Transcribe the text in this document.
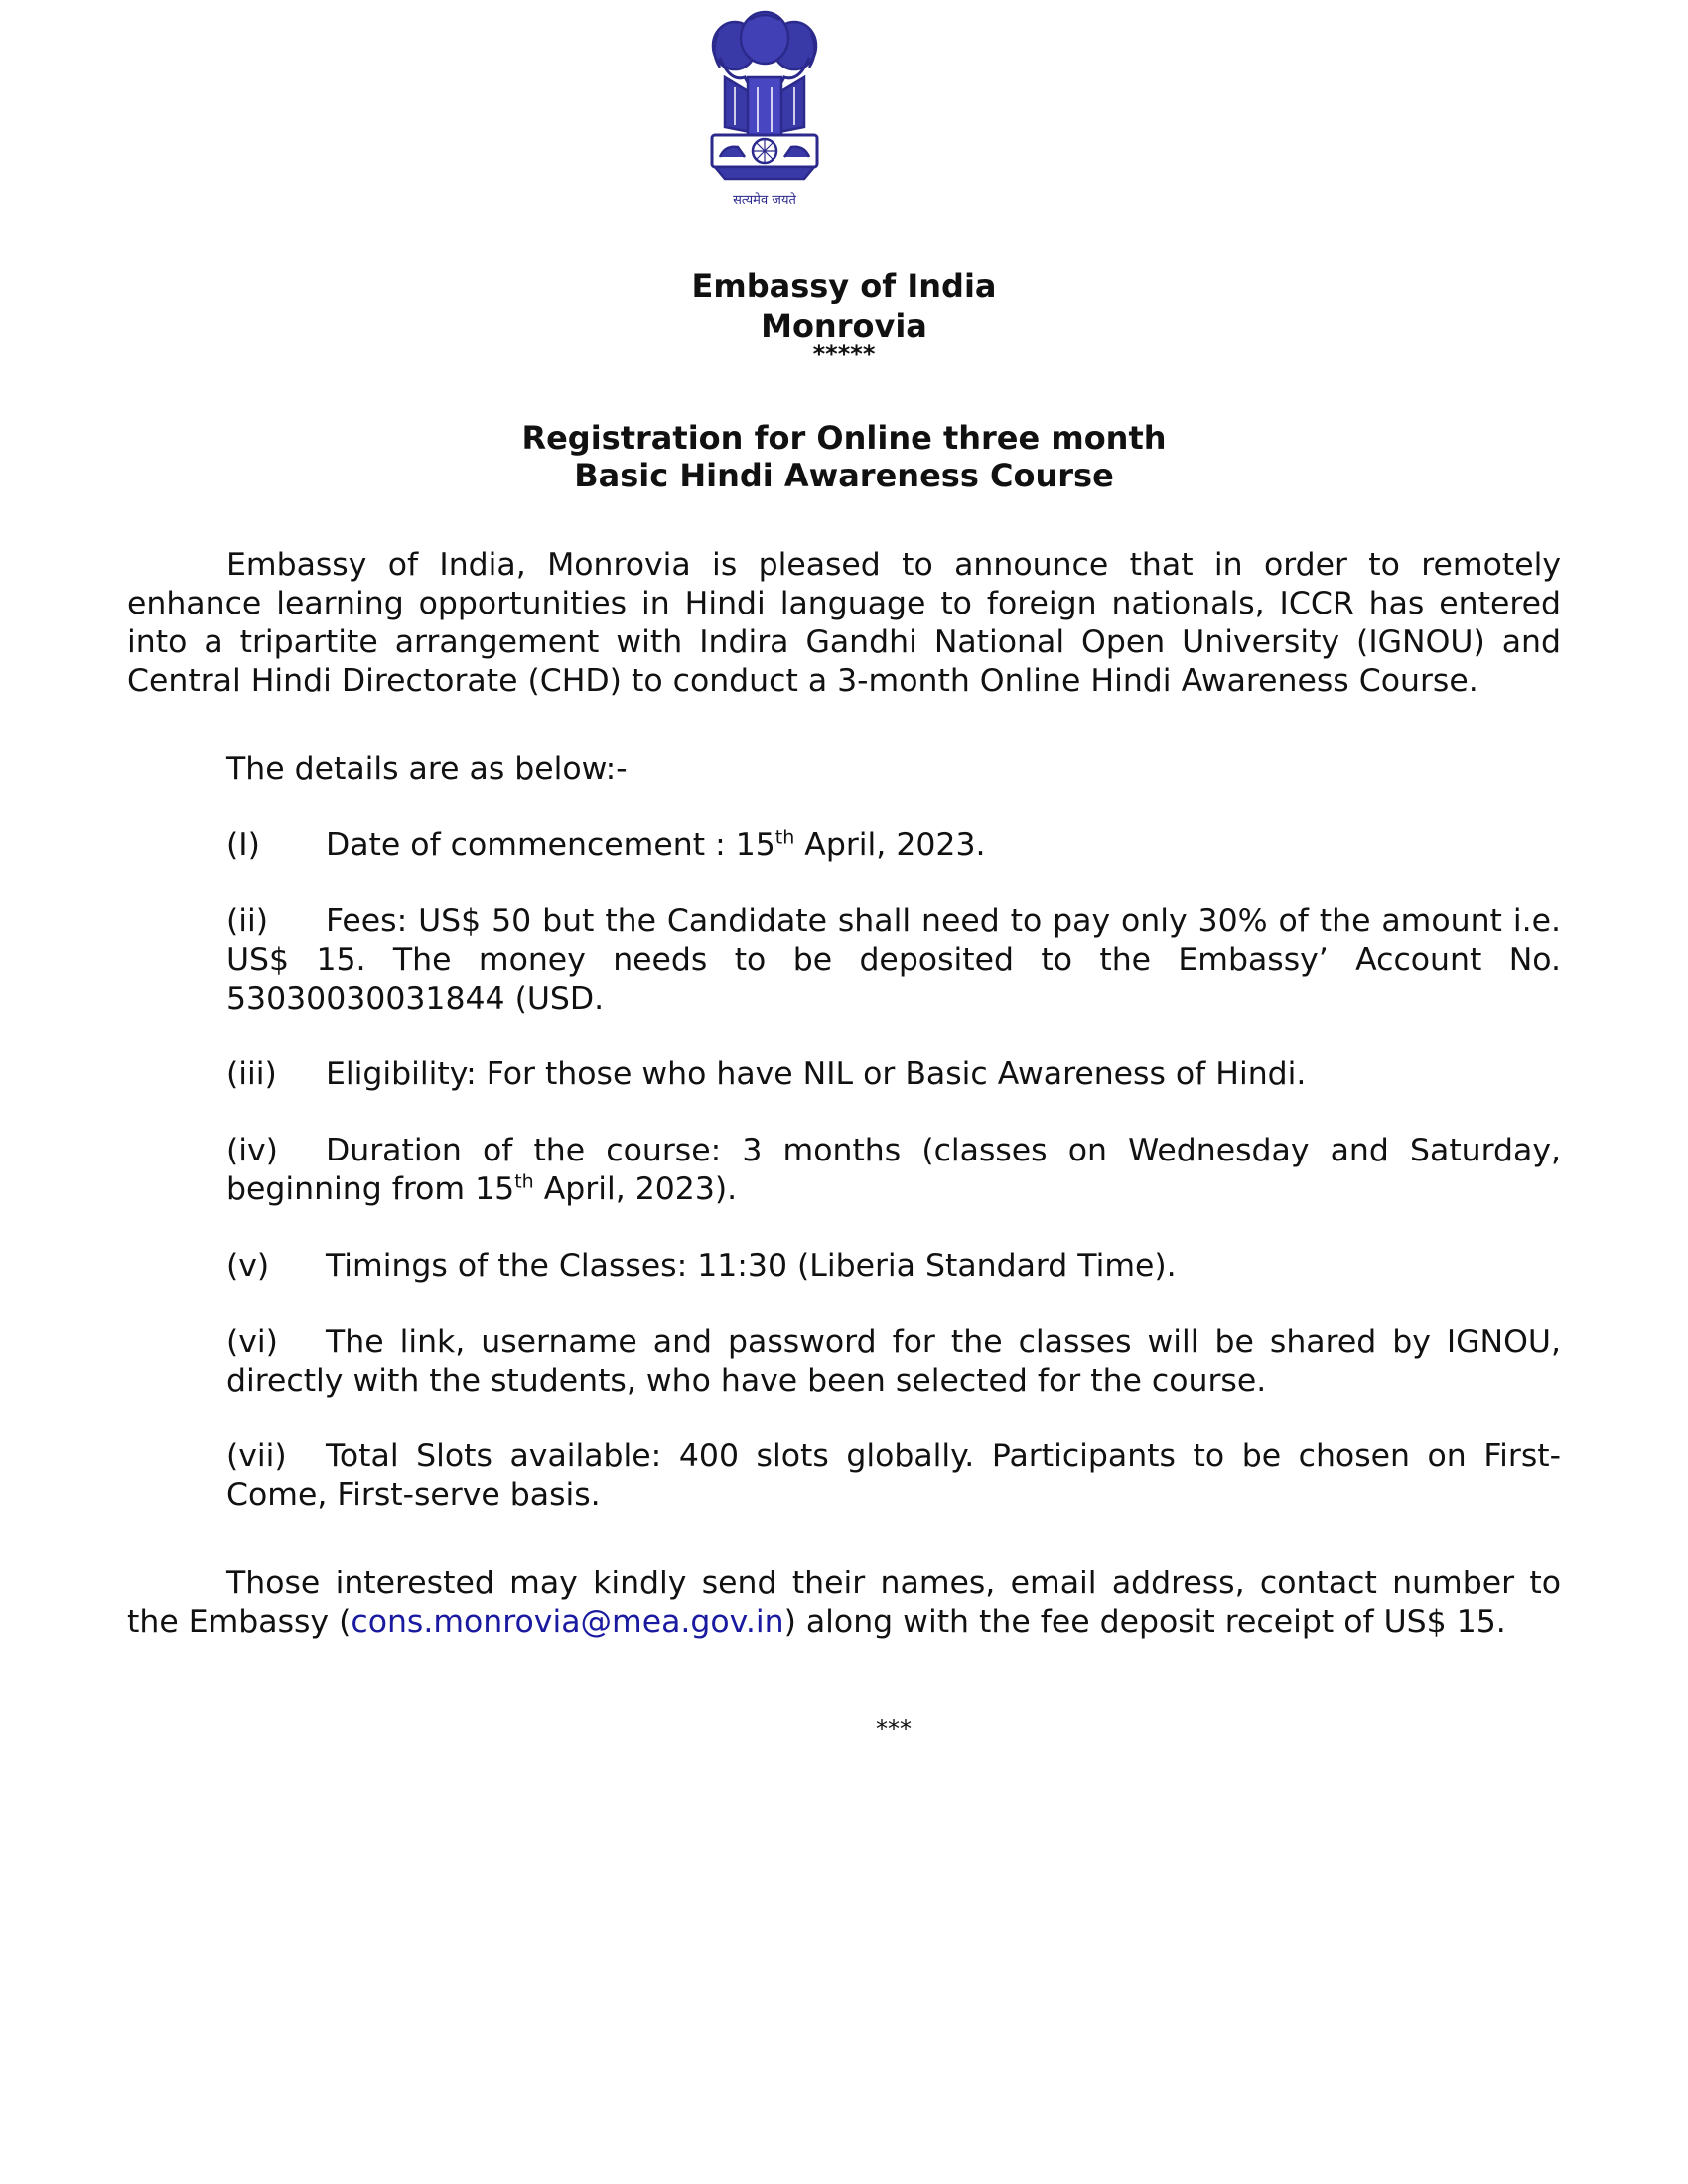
सत्यमेव जयते
Embassy of India
Monrovia
*****
Registration for Online three month
Basic Hindi Awareness Course
Embassy of India, Monrovia is pleased to announce that in order to remotely enhance learning opportunities in Hindi language to foreign nationals, ICCR has entered into a tripartite arrangement with Indira Gandhi National Open University (IGNOU) and Central Hindi Directorate (CHD) to conduct a 3-month Online Hindi Awareness Course.
The details are as below:-
(I) Date of commencement : 15th April, 2023.
(ii) Fees: US$ 50 but the Candidate shall need to pay only 30% of the amount i.e. US$ 15. The money needs to be deposited to the Embassy’ Account No. 53030030031844 (USD.
(iii) Eligibility: For those who have NIL or Basic Awareness of Hindi.
(iv) Duration of the course: 3 months (classes on Wednesday and Saturday, beginning from 15th April, 2023).
(v) Timings of the Classes: 11:30 (Liberia Standard Time).
(vi) The link, username and password for the classes will be shared by IGNOU, directly with the students, who have been selected for the course.
(vii) Total Slots available: 400 slots globally. Participants to be chosen on First-Come, First-serve basis.
Those interested may kindly send their names, email address, contact number to the Embassy (cons.monrovia@mea.gov.in) along with the fee deposit receipt of US$ 15.
***
